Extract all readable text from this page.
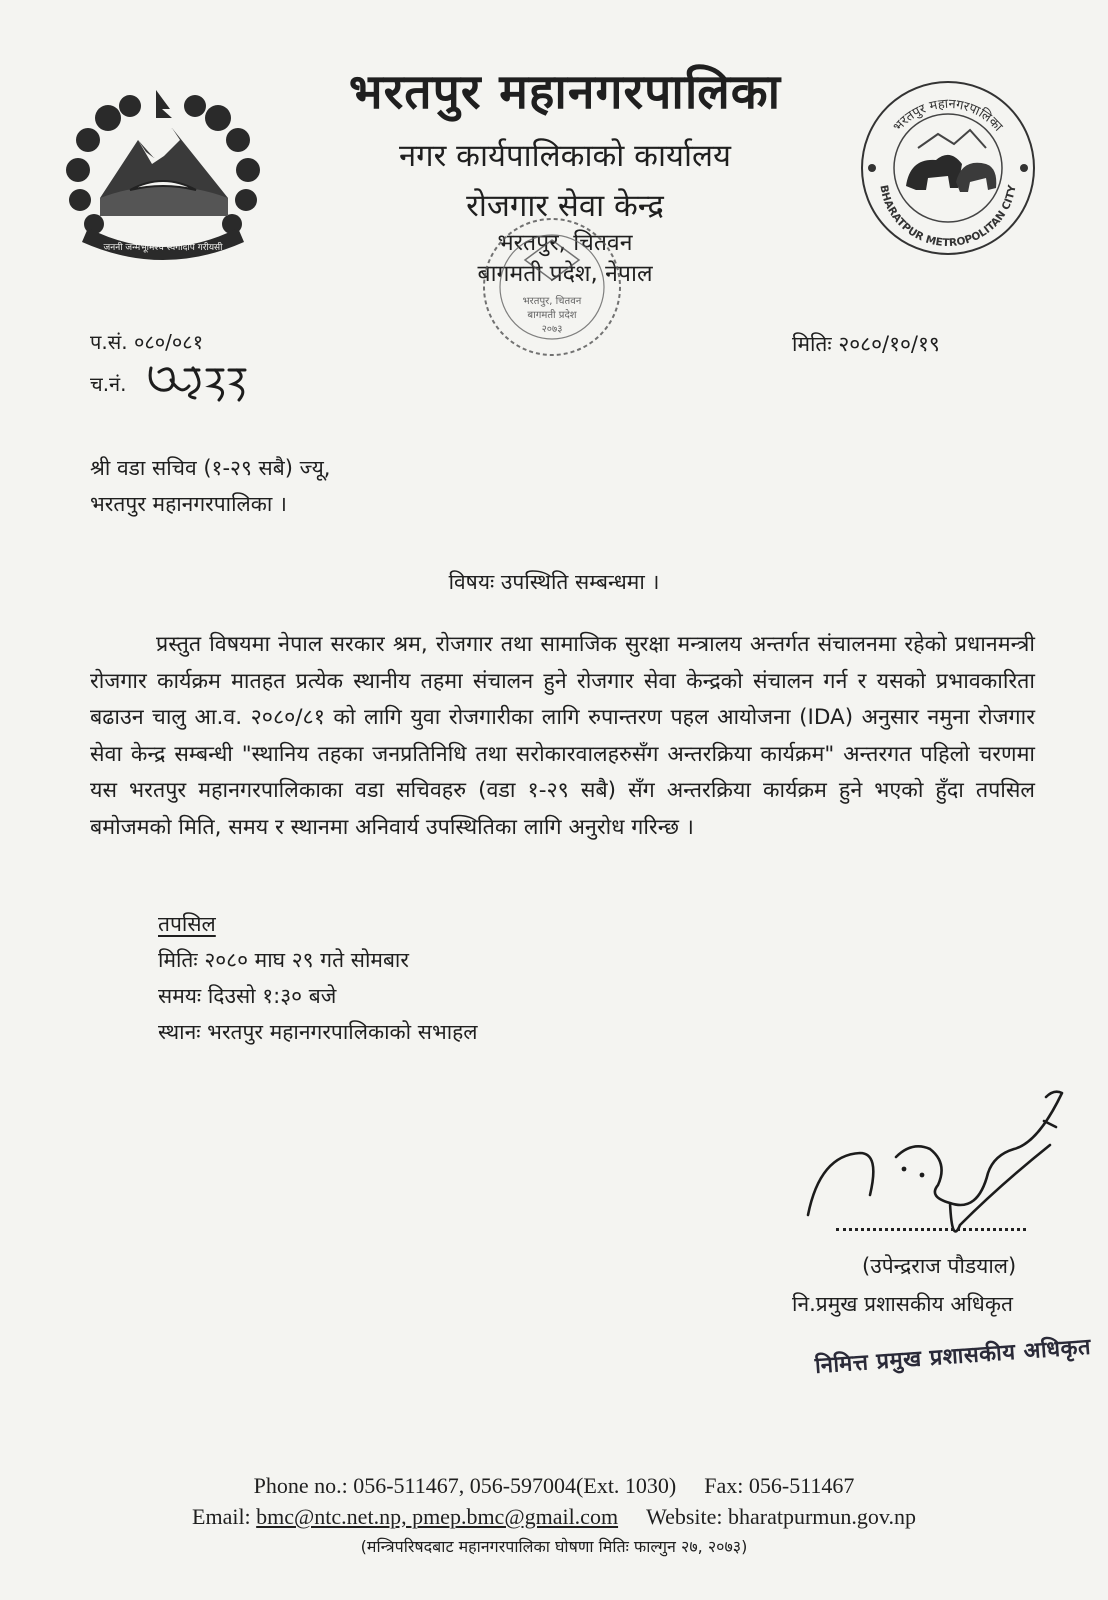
जननी जन्मभूमिश्च स्वर्गादपि गरीयसी
भरतपुर महानगरपालिका
नगर कार्यपालिकाको कार्यालय
रोजगार सेवा केन्द्र
भरतपुर, चितवन
बागमती प्रदेश, नेपाल
भरतपुर महानगरपालिका
BHARATPUR METROPOLITAN CITY
भरतपुर, चितवन
बागमती प्रदेश
२०७३
प.सं. ०८०/०८१
च.नं.
मितिः २०८०/१०/१९
श्री वडा सचिव (१-२९ सबै) ज्यू,
भरतपुर महानगरपालिका ।
विषयः उपस्थिति सम्बन्धमा ।

प्रस्तुत विषयमा नेपाल सरकार श्रम, रोजगार तथा सामाजिक सुरक्षा मन्त्रालय अन्तर्गत संचालनमा रहेको प्रधानमन्त्री रोजगार कार्यक्रम मातहत प्रत्येक स्थानीय तहमा संचालन हुने रोजगार सेवा केन्द्रको संचालन गर्न र यसको प्रभावकारिता बढाउन चालु आ.व. २०८०/८१ को लागि युवा रोजगारीका लागि रुपान्तरण पहल आयोजना (IDA) अनुसार नमुना रोजगार सेवा केन्द्र सम्बन्धी "स्थानिय तहका जनप्रतिनिधि तथा सरोकारवालहरुसँग अन्तरक्रिया कार्यक्रम" अन्तरगत पहिलो चरणमा यस भरतपुर महानगरपालिकाका वडा सचिवहरु (वडा १-२९ सबै) सँग अन्तरक्रिया कार्यक्रम हुने भएको हुँदा तपसिल बमोजमको मिति, समय र स्थानमा अनिवार्य उपस्थितिका लागि अनुरोध गरिन्छ ।

तपसिल
मितिः २०८० माघ २९ गते सोमबार
समयः दिउसो १:३० बजे
स्थानः भरतपुर महानगरपालिकाको सभाहल
(उपेन्द्रराज पौडयाल)
नि.प्रमुख प्रशासकीय अधिकृत
निमित्त प्रमुख प्रशासकीय अधिकृत
Phone no.: 056-511467, 056-597004(Ext. 1030) Fax: 056-511467
Email: bmc@ntc.net.np, pmep.bmc@gmail.com Website: bharatpurmun.gov.np
(मन्त्रिपरिषदबाट महानगरपालिका घोषणा मितिः फाल्गुन २७, २०७३)
